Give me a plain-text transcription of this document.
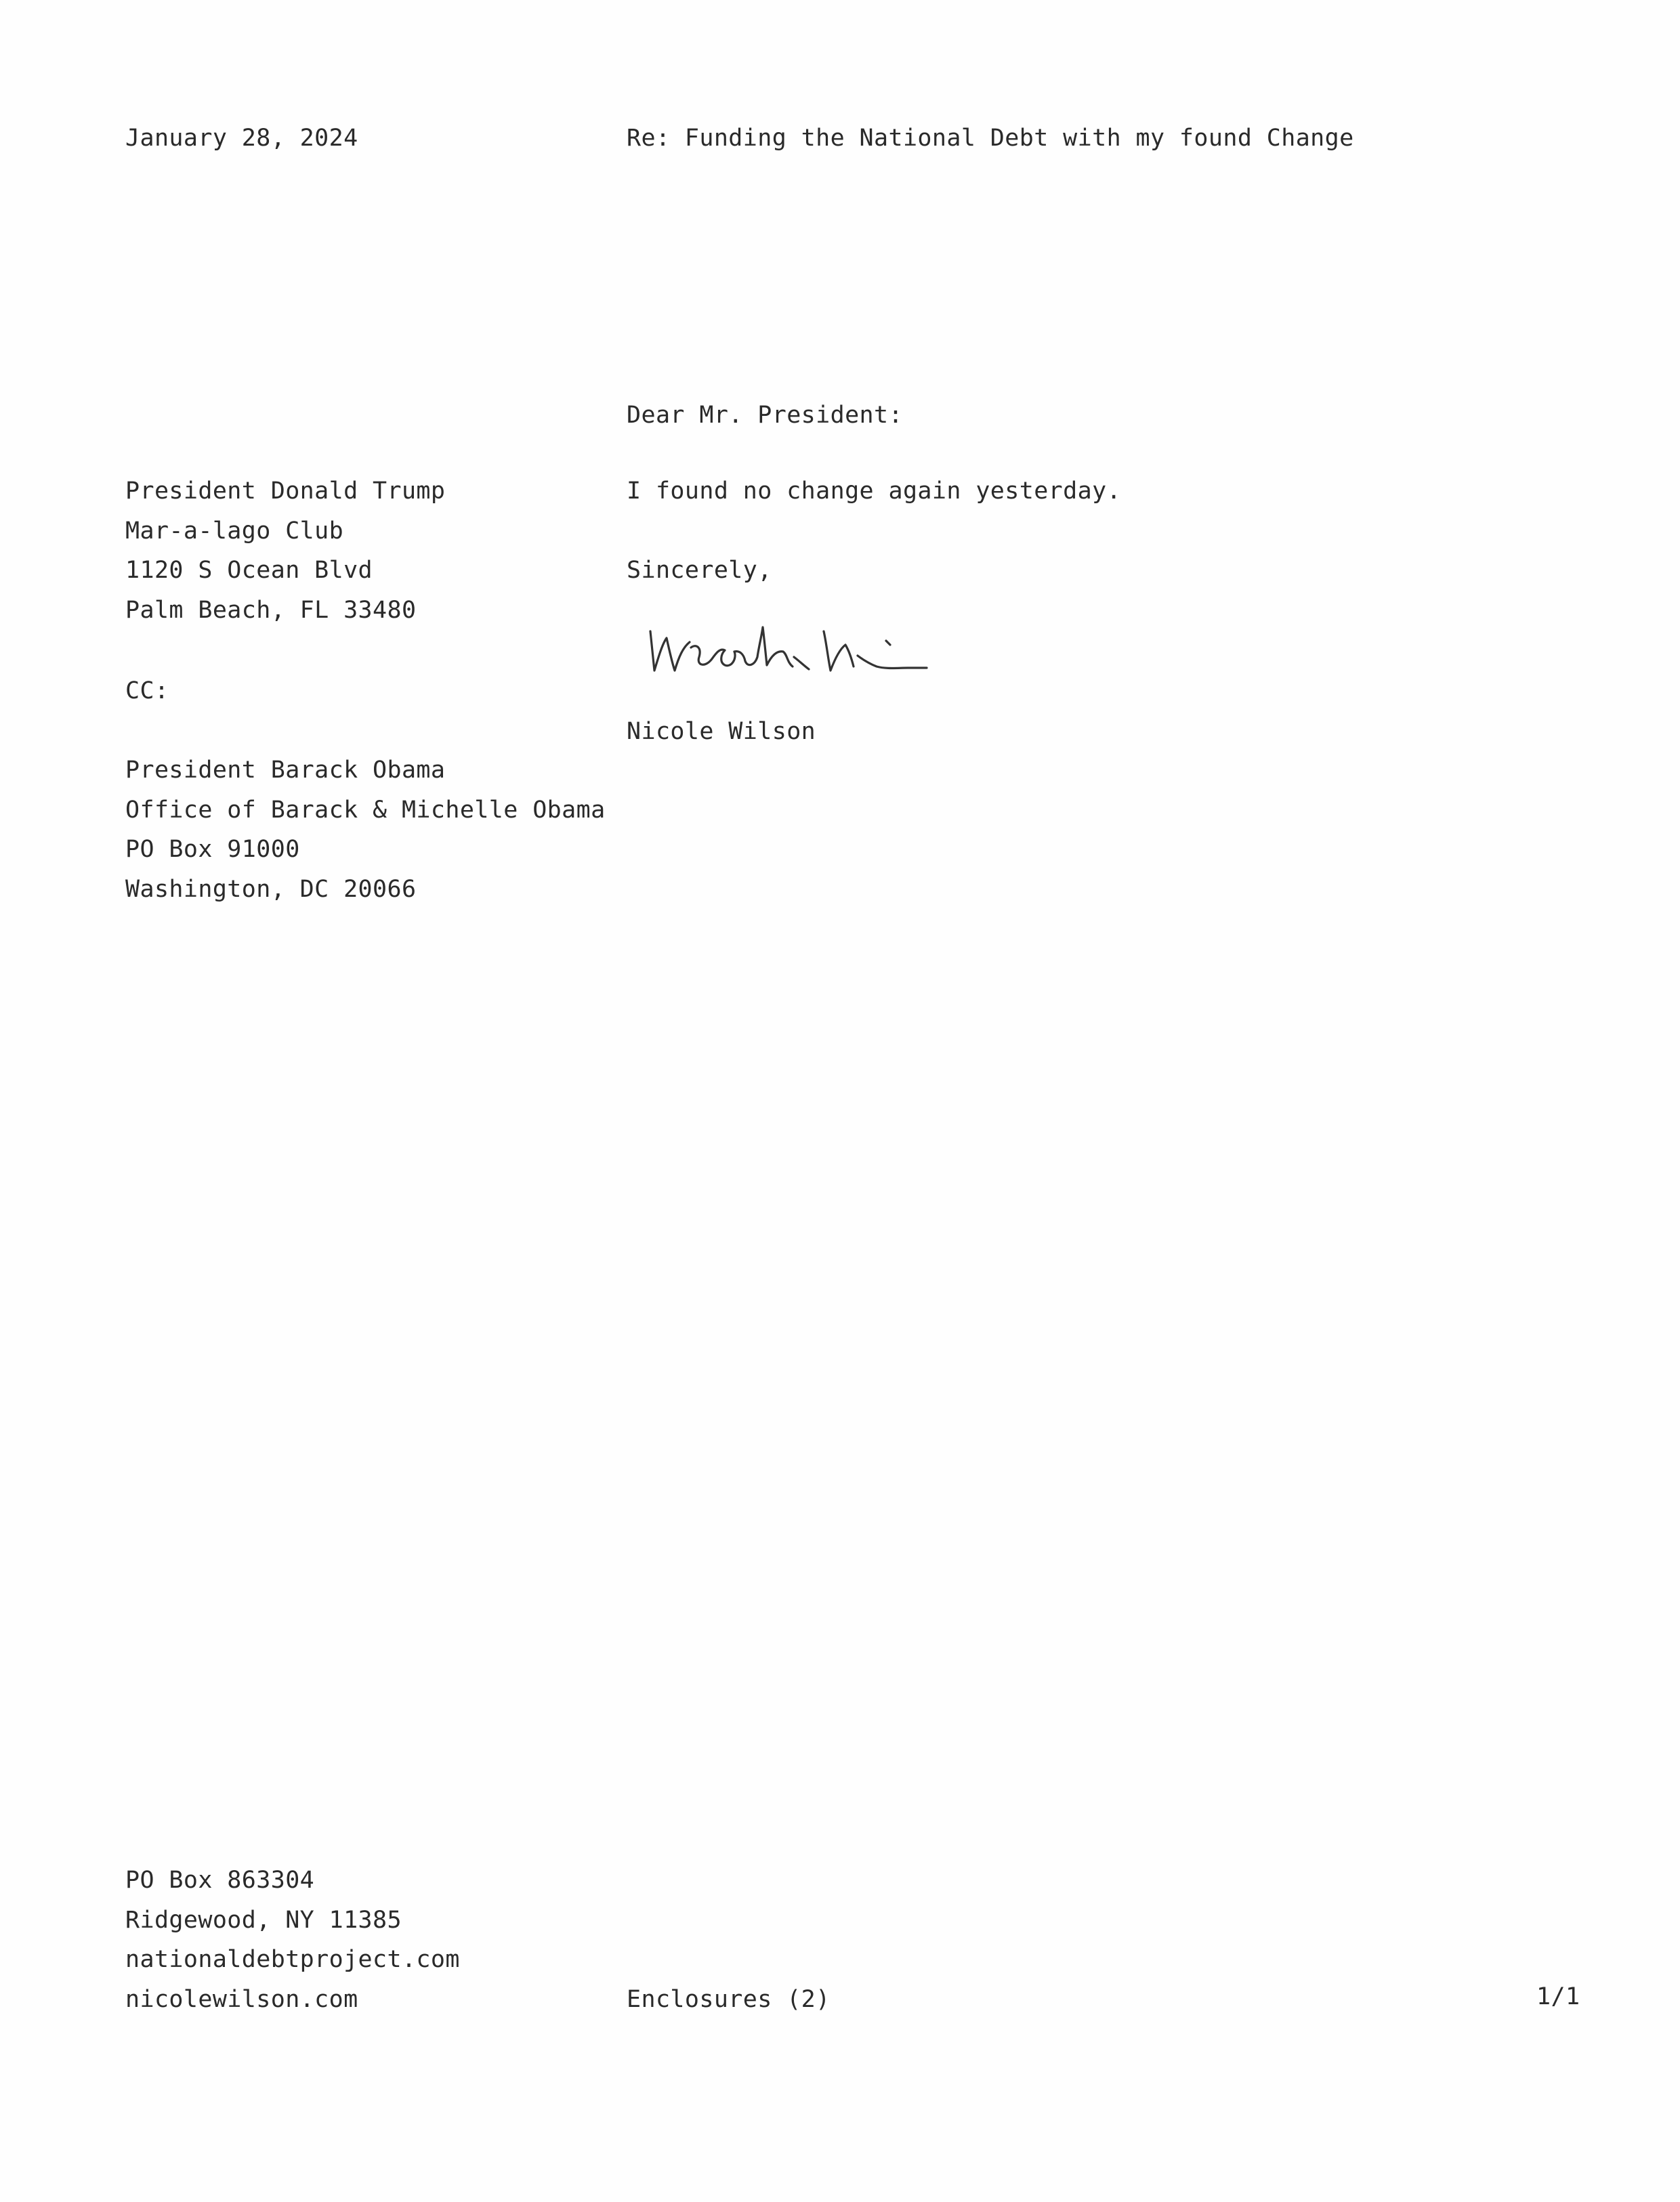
January 28, 2024	Re: Funding the National Debt with my found Change
Dear Mr. President:
President Donald Trump
Mar-a-lago Club
1120 S Ocean Blvd
Palm Beach, FL 33480
I found no change again yesterday.
Sincerely,
Nicole Wilson
CC:
President Barack Obama
Office of Barack & Michelle Obama
PO Box 91000
Washington, DC 20066
PO Box 863304
Ridgewood, NY 11385
nationaldebtproject.com
nicolewilson.com	Enclosures (2)	1/1
